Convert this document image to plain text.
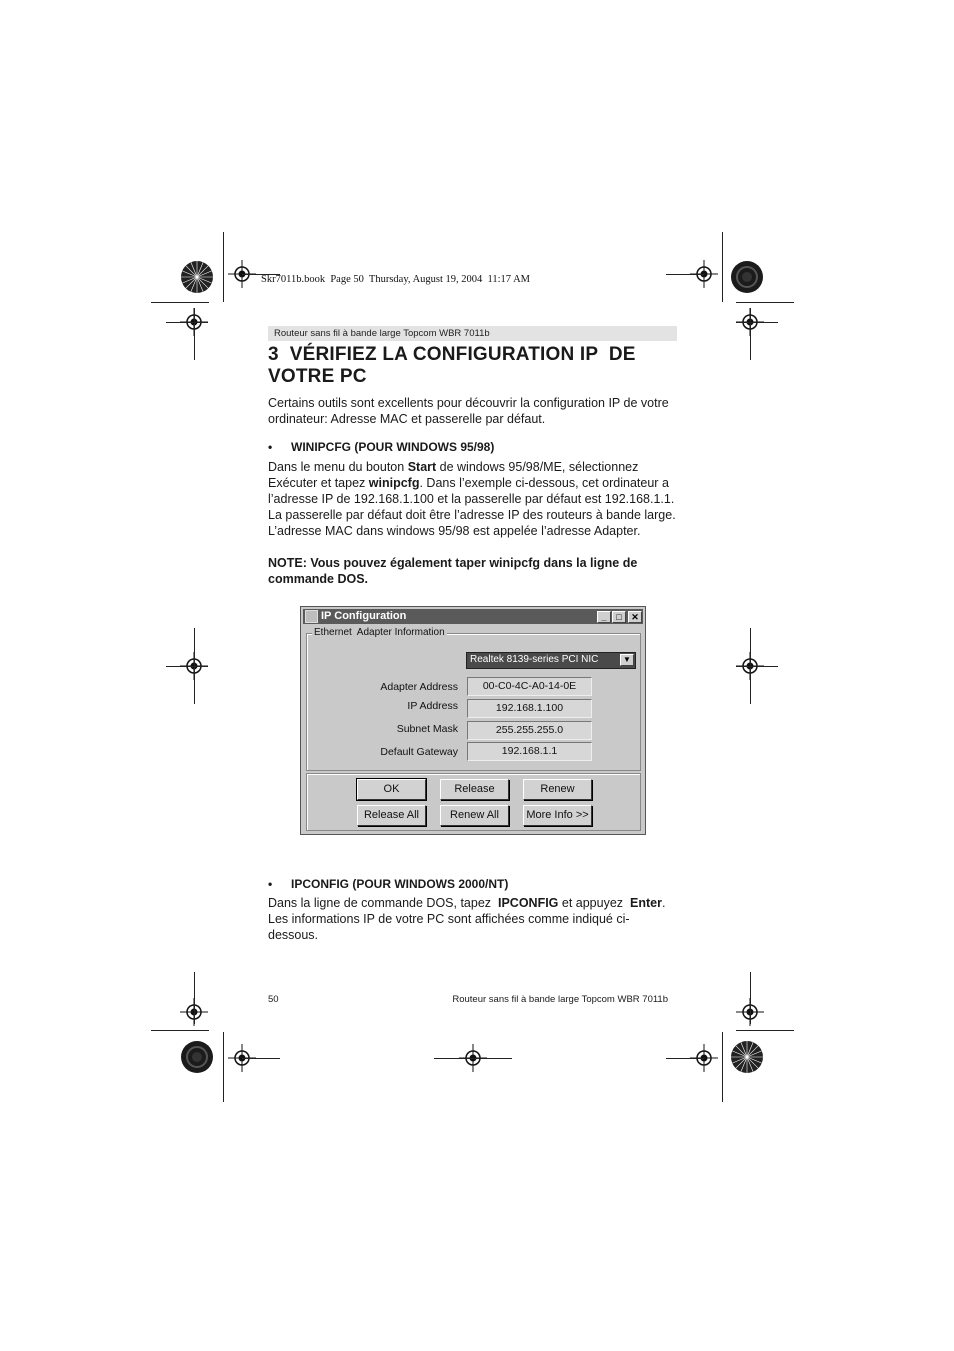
Skr7011b.book  Page 50  Thursday, August 19, 2004  11:17 AM
Routeur sans fil à bande large Topcom WBR 7011b
3  VÉRIFIEZ LA CONFIGURATION IP  DE
VOTRE PC
Certains outils sont excellents pour découvrir la configuration IP de votre
ordinateur: Adresse MAC et passerelle par défaut.
• WINIPCFG (POUR WINDOWS 95/98)
Dans le menu du bouton Start de windows 95/98/ME, sélectionnez
Exécuter et tapez winipcfg. Dans l’exemple ci-dessous, cet ordinateur a
l’adresse IP de 192.168.1.100 et la passerelle par défaut est 192.168.1.1.
La passerelle par défaut doit être l’adresse IP des routeurs à bande large.
L’adresse MAC dans windows 95/98 est appelée l’adresse Adapter.
NOTE: Vous pouvez également taper winipcfg dans la ligne de
commande DOS.
IP Configuration	_	□	✕
Ethernet  Adapter Information
Realtek 8139-series PCI NIC	▼
Adapter Address	00-C0-4C-A0-14-0E
IP Address	192.168.1.100
Subnet Mask	255.255.255.0
Default Gateway	192.168.1.1
OK	Release	Renew
Release All	Renew All	More Info >>
• IPCONFIG (POUR WINDOWS 2000/NT)
Dans la ligne de commande DOS, tapez  IPCONFIG et appuyez  Enter.
Les informations IP de votre PC sont affichées comme indiqué ci-
dessous.
50	Routeur sans fil à bande large Topcom WBR 7011b
